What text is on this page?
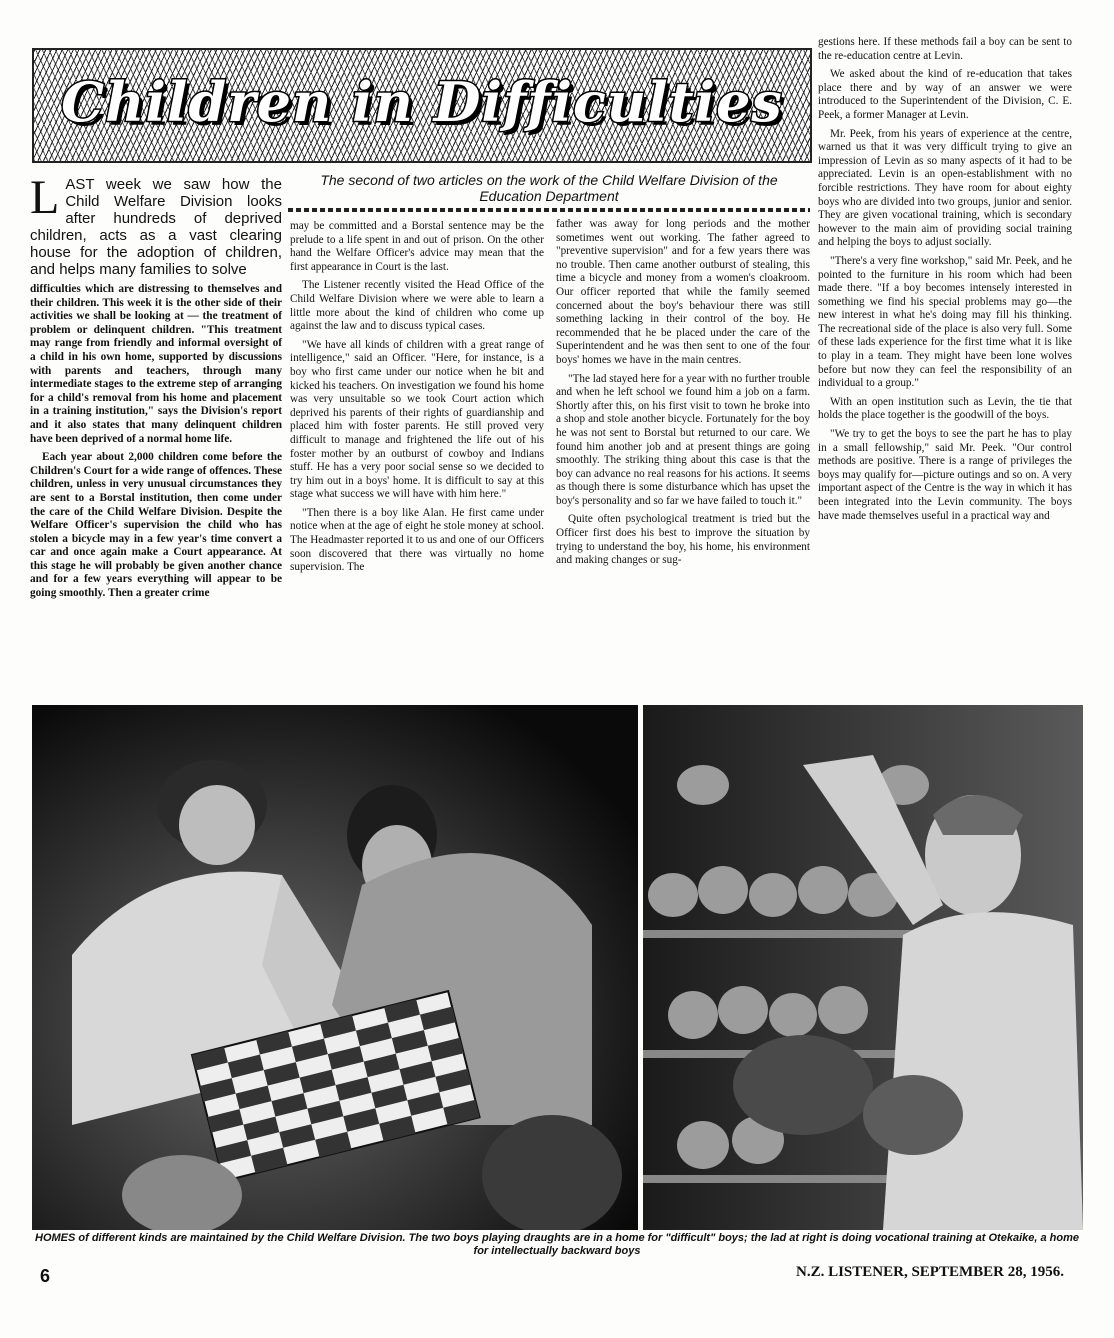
Children in Difficulties

LAST week we saw how the Child Welfare Division looks after hundreds of deprived children, acts as a vast clearing house for the adoption of children, and helps many families to solve

difficulties which are distressing to themselves and their children. This week it is the other side of their activities we shall be looking at — the treatment of problem or delinquent children. "This treatment may range from friendly and informal oversight of a child in his own home, supported by discussions with parents and teachers, through many intermediate stages to the extreme step of arranging for a child's removal from his home and placement in a training institution," says the Division's report and it also states that many delinquent children have been deprived of a normal home life.

Each year about 2,000 children come before the Children's Court for a wide range of offences. These children, unless in very unusual circumstances they are sent to a Borstal institution, then come under the care of the Child Welfare Division. Despite the Welfare Officer's supervision the child who has stolen a bicycle may in a few year's time convert a car and once again make a Court appearance. At this stage he will probably be given another chance and for a few years everything will appear to be going smoothly. Then a greater crime

The second of two articles on the work of the Child Welfare Division of the Education Department

may be committed and a Borstal sentence may be the prelude to a life spent in and out of prison. On the other hand the Welfare Officer's advice may mean that the first appearance in Court is the last.

The Listener recently visited the Head Office of the Child Welfare Division where we were able to learn a little more about the kind of children who come up against the law and to discuss typical cases.

"We have all kinds of children with a great range of intelligence," said an Officer. "Here, for instance, is a boy who first came under our notice when he bit and kicked his teachers. On investigation we found his home was very unsuitable so we took Court action which deprived his parents of their rights of guardianship and placed him with foster parents. He still proved very difficult to manage and frightened the life out of his foster mother by an outburst of cowboy and Indians stuff. He has a very poor social sense so we decided to try him out in a boys' home. It is difficult to say at this stage what success we will have with him here."

"Then there is a boy like Alan. He first came under notice when at the age of eight he stole money at school. The Headmaster reported it to us and one of our Officers soon discovered that there was virtually no home supervision. The

father was away for long periods and the mother sometimes went out working. The father agreed to "preventive supervision" and for a few years there was no trouble. Then came another outburst of stealing, this time a bicycle and money from a women's cloakroom. Our officer reported that while the family seemed concerned about the boy's behaviour there was still something lacking in their control of the boy. He recommended that he be placed under the care of the Superintendent and he was then sent to one of the four boys' homes we have in the main centres.

"The lad stayed here for a year with no further trouble and when he left school we found him a job on a farm. Shortly after this, on his first visit to town he broke into a shop and stole another bicycle. Fortunately for the boy he was not sent to Borstal but returned to our care. We found him another job and at present things are going smoothly. The striking thing about this case is that the boy can advance no real reasons for his actions. It seems as though there is some disturbance which has upset the boy's personality and so far we have failed to touch it."

Quite often psychological treatment is tried but the Officer first does his best to improve the situation by trying to understand the boy, his home, his environment and making changes or sug-

gestions here. If these methods fail a boy can be sent to the re-education centre at Levin.

We asked about the kind of re-education that takes place there and by way of an answer we were introduced to the Superintendent of the Division, C. E. Peek, a former Manager at Levin.

Mr. Peek, from his years of experience at the centre, warned us that it was very difficult trying to give an impression of Levin as so many aspects of it had to be appreciated. Levin is an open-establishment with no forcible restrictions. They have room for about eighty boys who are divided into two groups, junior and senior. They are given vocational training, which is secondary however to the main aim of providing social training and helping the boys to adjust socially.

"There's a very fine workshop," said Mr. Peek, and he pointed to the furniture in his room which had been made there. "If a boy becomes intensely interested in something we find his special problems may go—the new interest in what he's doing may fill his thinking. The recreational side of the place is also very full. Some of these lads experience for the first time what it is like to play in a team. They might have been lone wolves before but now they can feel the responsibility of an individual to a group."

With an open institution such as Levin, the tie that holds the place together is the goodwill of the boys.

"We try to get the boys to see the part he has to play in a small fellowship," said Mr. Peek. "Our control methods are positive. There is a range of privileges the boys may qualify for—picture outings and so on. A very important aspect of the Centre is the way in which it has been integrated into the Levin community. The boys have made themselves useful in a practical way and

HOMES of different kinds are maintained by the Child Welfare Division. The two boys playing draughts are in a home for "difficult" boys; the lad at right is doing vocational training at Otekaike, a home for intellectually backward boys
6	N.Z. LISTENER, SEPTEMBER 28, 1956.
